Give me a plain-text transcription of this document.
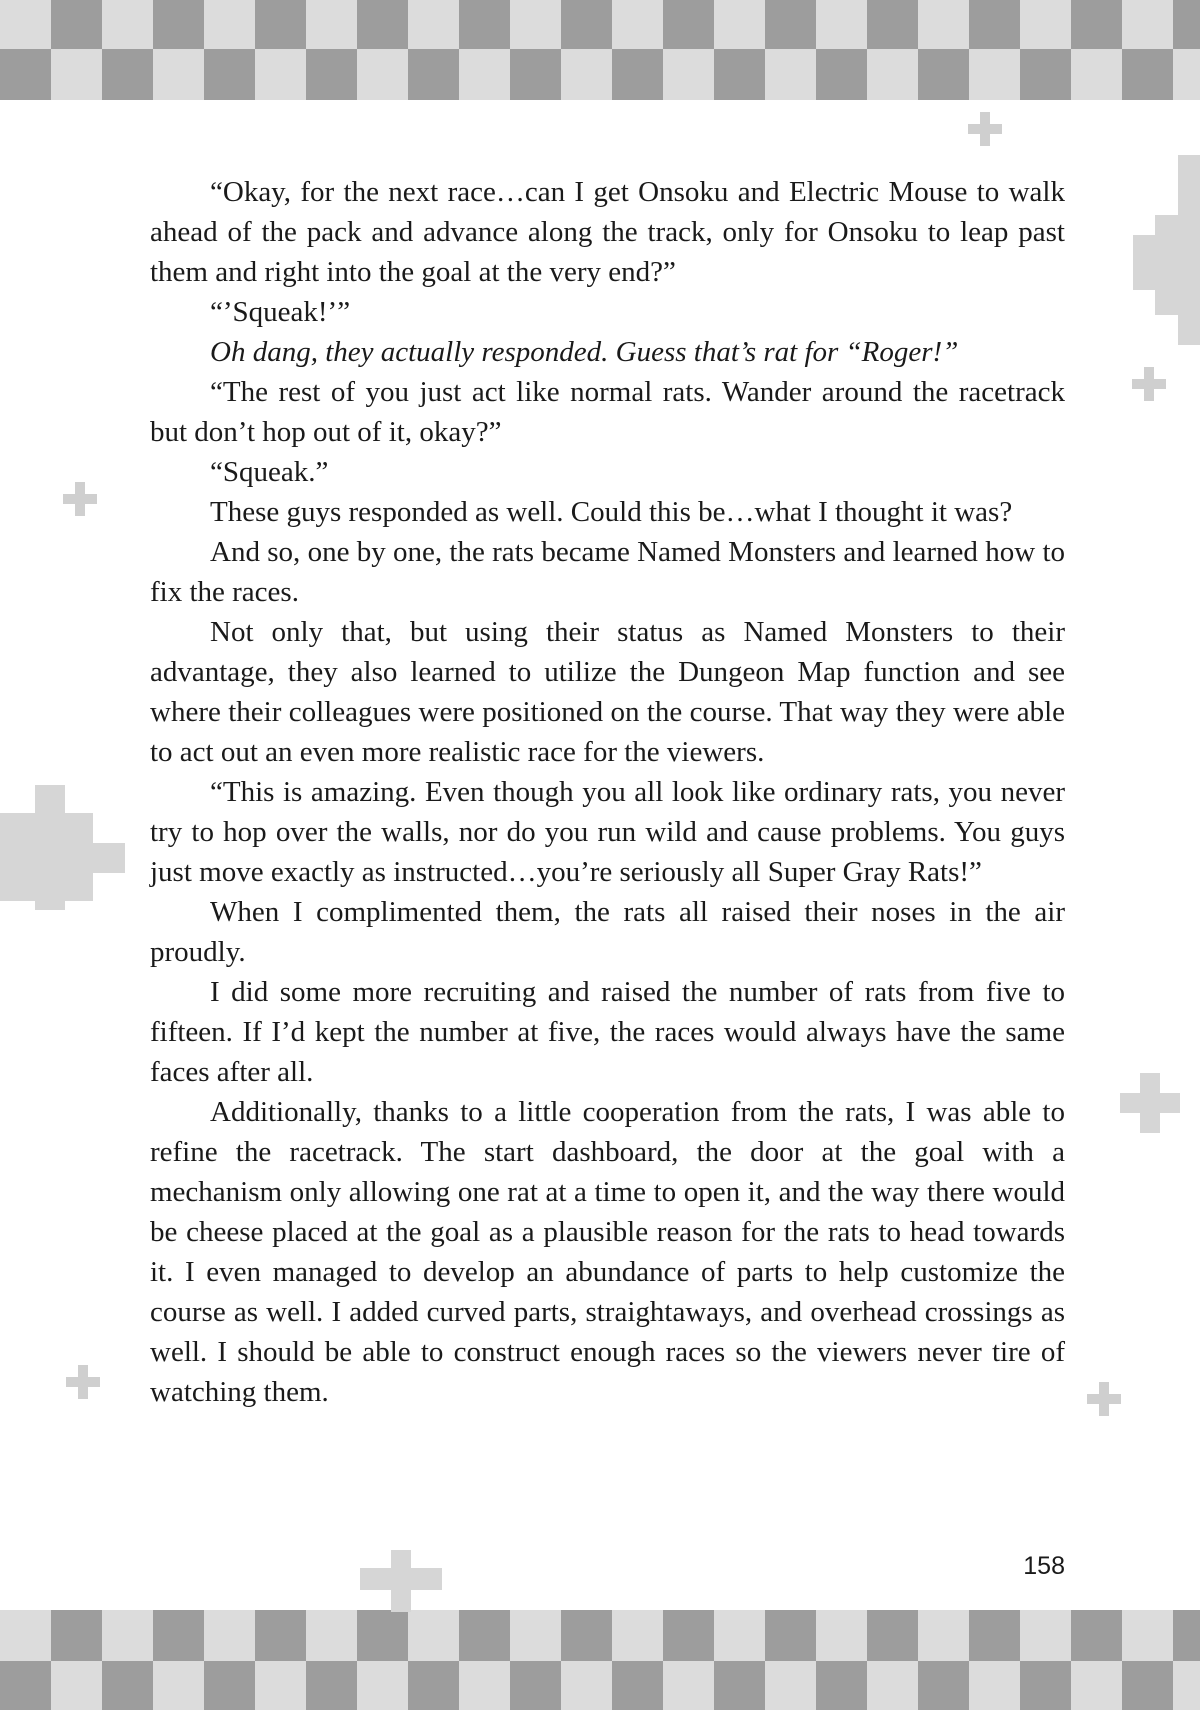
“Okay, for the next race…can I get Onsoku and Electric Mouse to walk ahead of the pack and advance along the track, only for Onsoku to leap past them and right into the goal at the very end?”

“’Squeak!’”

Oh dang, they actually responded. Guess that’s rat for “Roger!”

“The rest of you just act like normal rats. Wander around the racetrack but don’t hop out of it, okay?”

“Squeak.”

These guys responded as well. Could this be…what I thought it was?

And so, one by one, the rats became Named Monsters and learned how to fix the races.

Not only that, but using their status as Named Monsters to their advantage, they also learned to utilize the Dungeon Map function and see where their colleagues were positioned on the course. That way they were able to act out an even more realistic race for the viewers.

“This is amazing. Even though you all look like ordinary rats, you never try to hop over the walls, nor do you run wild and cause problems. You guys just move exactly as instructed…you’re seriously all Super Gray Rats!”

When I complimented them, the rats all raised their noses in the air proudly.

I did some more recruiting and raised the number of rats from five to fifteen. If I’d kept the number at five, the races would always have the same faces after all.

Additionally, thanks to a little cooperation from the rats, I was able to refine the racetrack. The start dashboard, the door at the goal with a mechanism only allowing one rat at a time to open it, and the way there would be cheese placed at the goal as a plausible reason for the rats to head towards it. I even managed to develop an abundance of parts to help customize the course as well. I added curved parts, straightaways, and overhead crossings as well. I should be able to construct enough races so the viewers never tire of watching them.

158
